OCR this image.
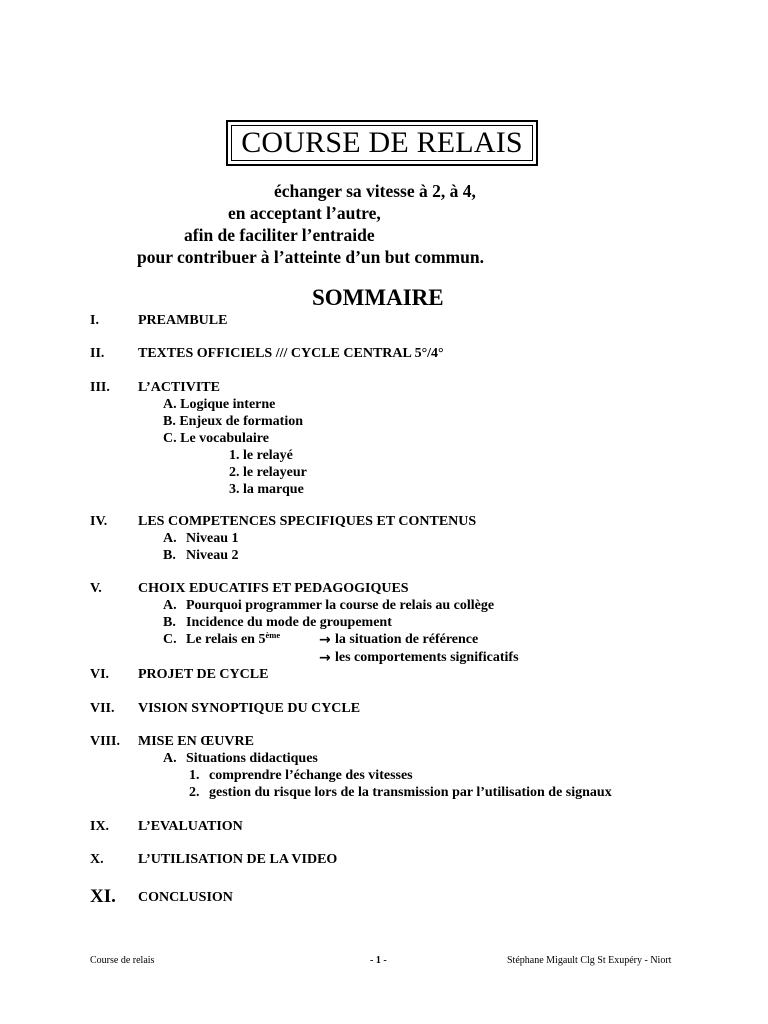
COURSE DE RELAIS
échanger sa vitesse à 2, à 4,
en acceptant l’autre,
afin de faciliter l’entraide
pour contribuer à l’atteinte d’un but commun.
SOMMAIRE
I.	PREAMBULE
II. TEXTES OFFICIELS /// CYCLE CENTRAL 5°/4°
III. L’ACTIVITE
A. Logique interne
B. Enjeux de formation
C. Le vocabulaire
1. le relayé
2. le relayeur
3. la marque
IV. LES COMPETENCES SPECIFIQUES ET CONTENUS
A. Niveau 1
B. Niveau 2
V.	CHOIX EDUCATIFS ET PEDAGOGIQUES
A. Pourquoi programmer la course de relais au collège
B. Incidence du mode de groupement
C. Le relais en 5ème	→ la situation de référence
→ les comportements significatifs
VI. PROJET DE CYCLE
VII. VISION SYNOPTIQUE DU CYCLE
VIII. MISE EN ŒUVRE
A. Situations didactiques
1. comprendre l’échange des vitesses
2. gestion du risque lors de la transmission par l’utilisation de signaux
IX. L’EVALUATION
X. L’UTILISATION DE LA VIDEO
XI. CONCLUSION
Course de relais	- 1 -	Stéphane Migault Clg St Exupéry - Niort
